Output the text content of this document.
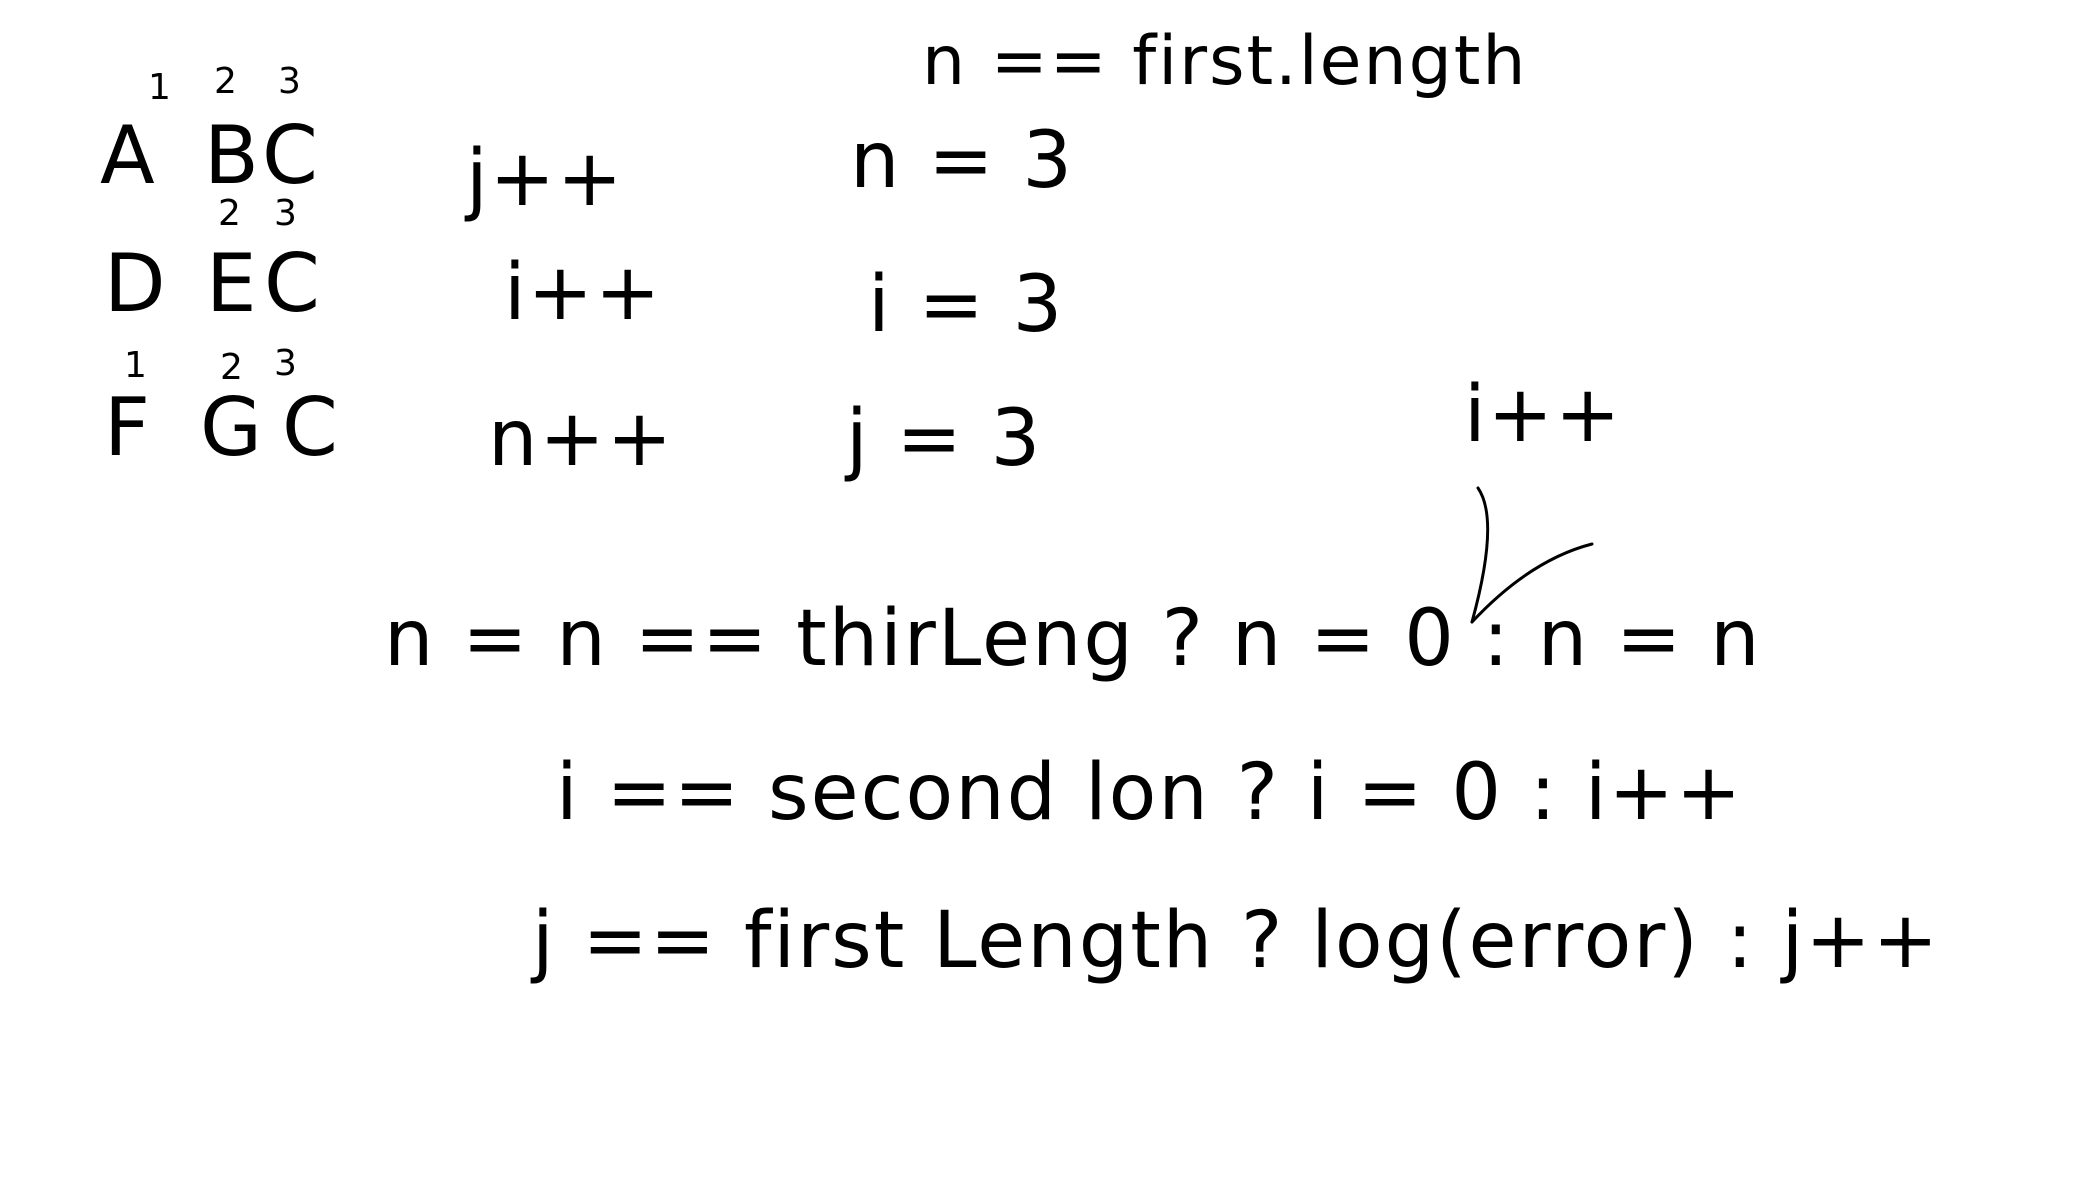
n == first.length
1 2 3
A B C
2 3
D E C
1 2 3
F G C
j++
i++
n++
n = 3
i = 3
j = 3	i++
n = n == thirLeng ? n = 0 : n = n
i == second lon ? i = 0 : i++
j == first Length ? log(error) : j++
